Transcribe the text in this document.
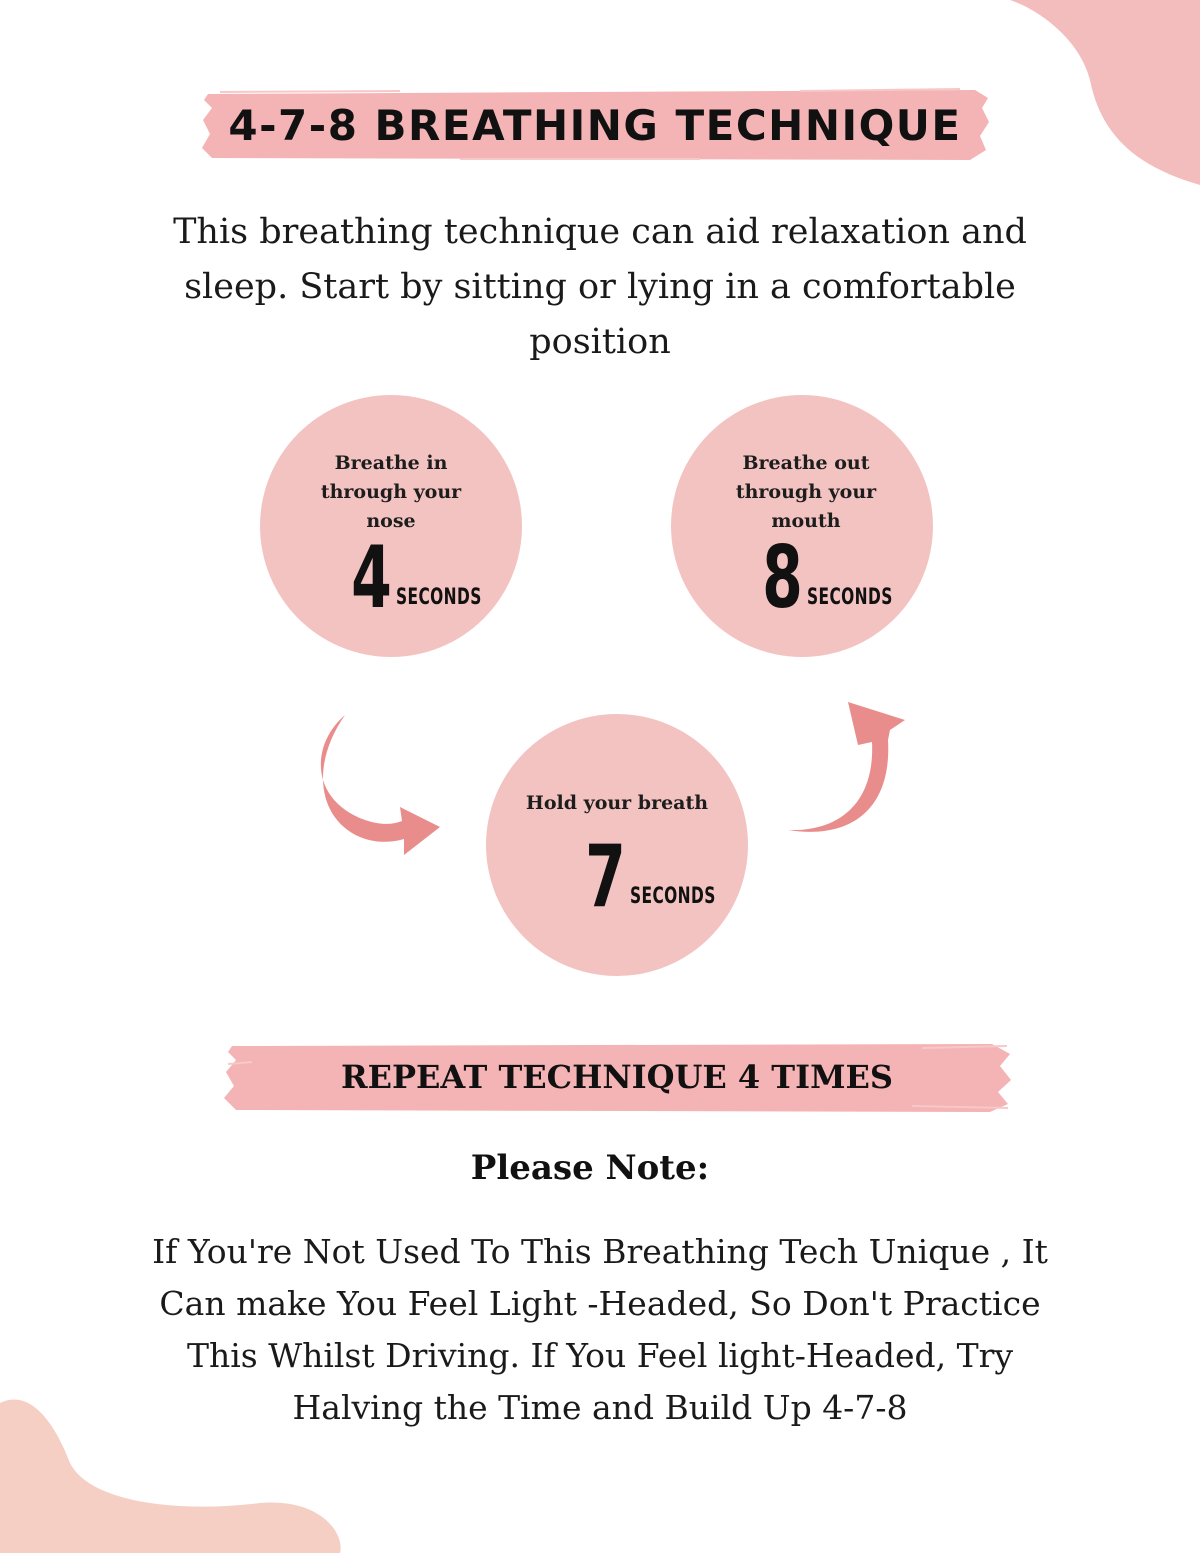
4-7-8 BREATHING TECHNIQUE
This breathing technique can aid relaxation and sleep. Start by sitting or lying in a comfortable position
Breathe in through your nose
4 SECONDS
Breathe out through your mouth
8 SECONDS
Hold your breath
7 SECONDS
REPEAT TECHNIQUE 4 TIMES
Please Note:
If You're Not Used To This Breathing Tech Unique , It Can make You Feel Light -Headed, So Don't Practice This Whilst Driving. If You Feel light-Headed, Try Halving the Time and Build Up 4-7-8
